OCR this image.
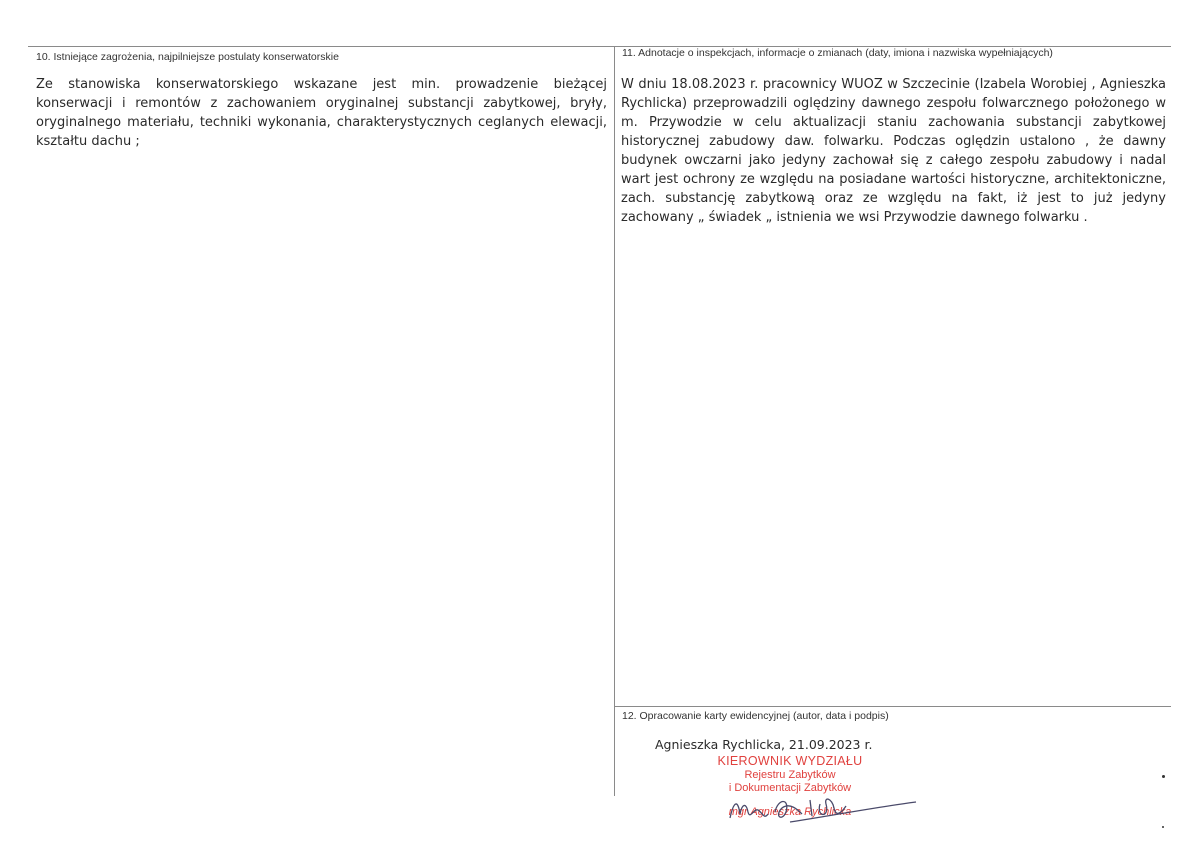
10. Istniejące zagrożenia, najpilniejsze postulaty konserwatorskie

Ze stanowiska konserwatorskiego wskazane jest min. prowadzenie bieżącej konserwacji i remontów z zachowaniem oryginalnej substancji zabytkowej, bryły, oryginalnego materiału, techniki wykonania, charakterystycznych ceglanych elewacji, kształtu dachu ;

11. Adnotacje o inspekcjach, informacje o zmianach (daty, imiona i nazwiska wypełniających)

W dniu 18.08.2023 r. pracownicy WUOZ w Szczecinie (Izabela Worobiej , Agnieszka Rychlicka) przeprowadzili oględziny dawnego zespołu folwarcznego położonego w m. Przywodzie w celu aktualizacji staniu zachowania substancji zabytkowej historycznej zabudowy daw. folwarku. Podczas oględzin ustalono , że dawny budynek owczarni jako jedyny zachował się z całego zespołu zabudowy i nadal wart jest ochrony ze względu na posiadane wartości historyczne, architektoniczne, zach. substancję zabytkową oraz ze względu na fakt, iż jest to już jedyny zachowany „ świadek „ istnienia we wsi Przywodzie dawnego folwarku .

12. Opracowanie karty ewidencyjnej (autor, data i podpis)
Agnieszka Rychlicka, 21.09.2023 r.
KIEROWNIK WYDZIAŁU
Rejestru Zabytków
i Dokumentacji Zabytków
mgr Agnieszka Rychlicka
